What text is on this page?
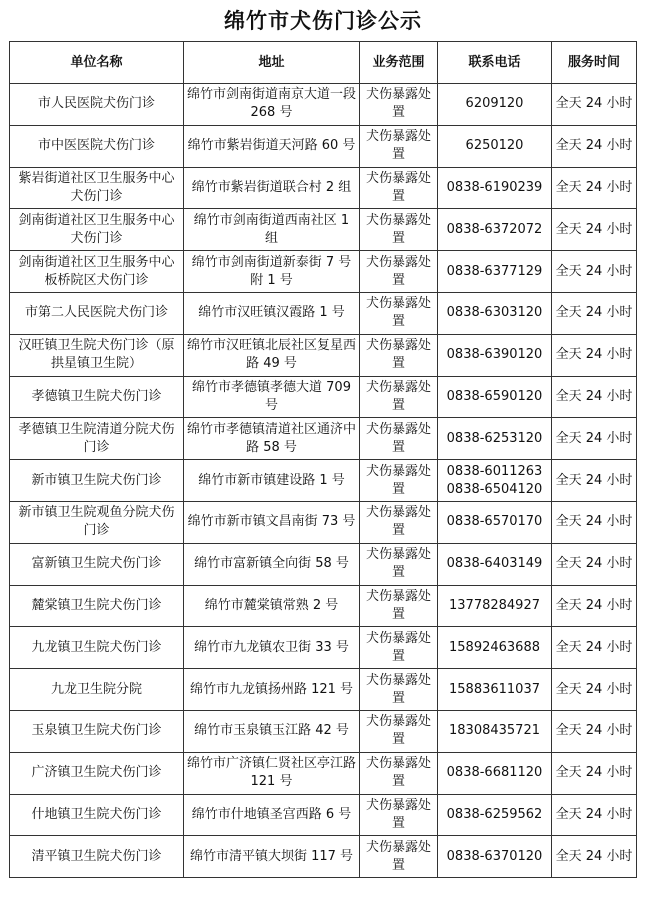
绵竹市犬伤门诊公示
单位名称	地址	业务范围	联系电话	服务时间
市人民医院犬伤门诊	绵竹市剑南街道南京大道一段 268 号	犬伤暴露处置	6209120	全天 24 小时
市中医医院犬伤门诊	绵竹市紫岩街道天河路 60 号	犬伤暴露处置	6250120	全天 24 小时
紫岩街道社区卫生服务中心犬伤门诊	绵竹市紫岩街道联合村 2 组	犬伤暴露处置	0838-6190239	全天 24 小时
剑南街道社区卫生服务中心犬伤门诊	绵竹市剑南街道西南社区 1 组	犬伤暴露处置	0838-6372072	全天 24 小时
剑南街道社区卫生服务中心板桥院区犬伤门诊	绵竹市剑南街道新泰街 7 号附 1 号	犬伤暴露处置	0838-6377129	全天 24 小时
市第二人民医院犬伤门诊	绵竹市汉旺镇汉霞路 1 号	犬伤暴露处置	0838-6303120	全天 24 小时
汉旺镇卫生院犬伤门诊（原拱星镇卫生院）	绵竹市汉旺镇北辰社区复星西路 49 号	犬伤暴露处置	0838-6390120	全天 24 小时
孝德镇卫生院犬伤门诊	绵竹市孝德镇孝德大道 709 号	犬伤暴露处置	0838-6590120	全天 24 小时
孝德镇卫生院清道分院犬伤门诊	绵竹市孝德镇清道社区通济中路 58 号	犬伤暴露处置	0838-6253120	全天 24 小时
新市镇卫生院犬伤门诊	绵竹市新市镇建设路 1 号	犬伤暴露处置	0838-6011263 0838-6504120	全天 24 小时
新市镇卫生院观鱼分院犬伤门诊	绵竹市新市镇文昌南街 73 号	犬伤暴露处置	0838-6570170	全天 24 小时
富新镇卫生院犬伤门诊	绵竹市富新镇全向街 58 号	犬伤暴露处置	0838-6403149	全天 24 小时
麓棠镇卫生院犬伤门诊	绵竹市麓棠镇常熟 2 号	犬伤暴露处置	13778284927	全天 24 小时
九龙镇卫生院犬伤门诊	绵竹市九龙镇农卫街 33 号	犬伤暴露处置	15892463688	全天 24 小时
九龙卫生院分院	绵竹市九龙镇扬州路 121 号	犬伤暴露处置	15883611037	全天 24 小时
玉泉镇卫生院犬伤门诊	绵竹市玉泉镇玉江路 42 号	犬伤暴露处置	18308435721	全天 24 小时
广济镇卫生院犬伤门诊	绵竹市广济镇仁贤社区亭江路 121 号	犬伤暴露处置	0838-6681120	全天 24 小时
什地镇卫生院犬伤门诊	绵竹市什地镇圣宫西路 6 号	犬伤暴露处置	0838-6259562	全天 24 小时
清平镇卫生院犬伤门诊	绵竹市清平镇大坝街 117 号	犬伤暴露处置	0838-6370120	全天 24 小时
